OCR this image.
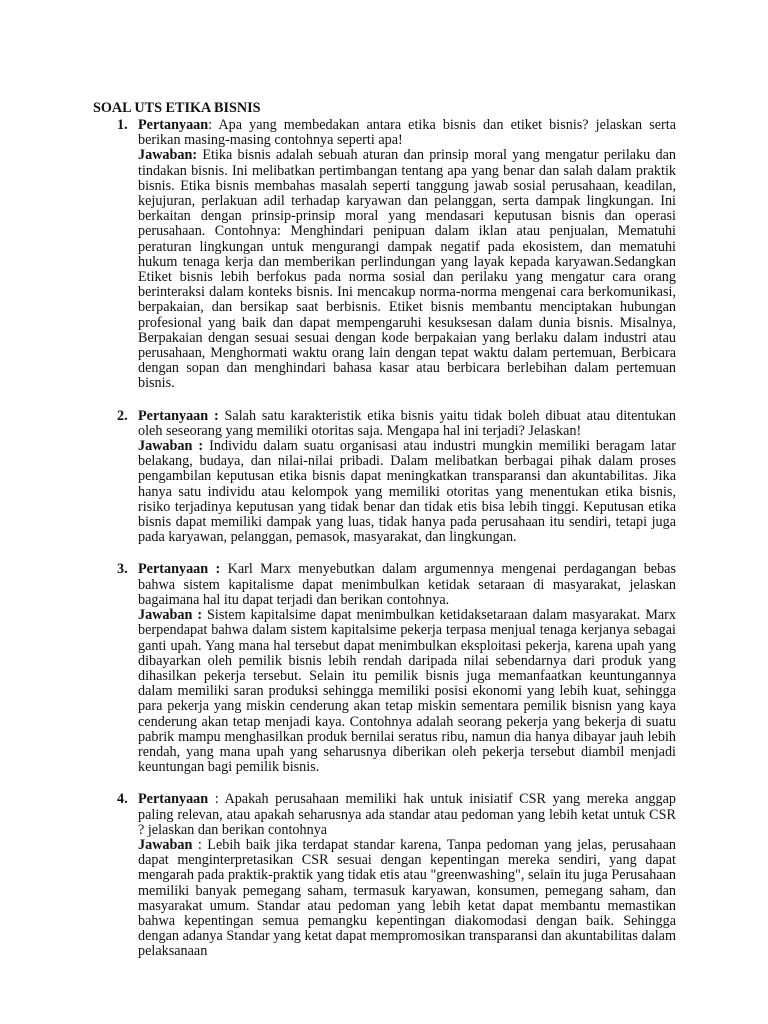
SOAL UTS ETIKA BISNIS
1. Pertanyaan: Apa yang membedakan antara etika bisnis dan etiket bisnis? jelaskan serta berikan masing-masing contohnya seperti apa!

Jawaban: Etika bisnis adalah sebuah aturan dan prinsip moral yang mengatur perilaku dan tindakan bisnis. Ini melibatkan pertimbangan tentang apa yang benar dan salah dalam praktik bisnis. Etika bisnis membahas masalah seperti tanggung jawab sosial perusahaan, keadilan, kejujuran, perlakuan adil terhadap karyawan dan pelanggan, serta dampak lingkungan. Ini berkaitan dengan prinsip-prinsip moral yang mendasari keputusan bisnis dan operasi perusahaan. Contohnya: Menghindari penipuan dalam iklan atau penjualan, Mematuhi peraturan lingkungan untuk mengurangi dampak negatif pada ekosistem, dan mematuhi hukum tenaga kerja dan memberikan perlindungan yang layak kepada karyawan.Sedangkan Etiket bisnis lebih berfokus pada norma sosial dan perilaku yang mengatur cara orang berinteraksi dalam konteks bisnis. Ini mencakup norma-norma mengenai cara berkomunikasi, berpakaian, dan bersikap saat berbisnis. Etiket bisnis membantu menciptakan hubungan profesional yang baik dan dapat mempengaruhi kesuksesan dalam dunia bisnis. Misalnya, Berpakaian dengan sesuai sesuai dengan kode berpakaian yang berlaku dalam industri atau perusahaan, Menghormati waktu orang lain dengan tepat waktu dalam pertemuan, Berbicara dengan sopan dan menghindari bahasa kasar atau berbicara berlebihan dalam pertemuan bisnis.

2. Pertanyaan : Salah satu karakteristik etika bisnis yaitu tidak boleh dibuat atau ditentukan oleh seseorang yang memiliki otoritas saja. Mengapa hal ini terjadi? Jelaskan!

Jawaban : Individu dalam suatu organisasi atau industri mungkin memiliki beragam latar belakang, budaya, dan nilai-nilai pribadi. Dalam melibatkan berbagai pihak dalam proses pengambilan keputusan etika bisnis dapat meningkatkan transparansi dan akuntabilitas. Jika hanya satu individu atau kelompok yang memiliki otoritas yang menentukan etika bisnis, risiko terjadinya keputusan yang tidak benar dan tidak etis bisa lebih tinggi. Keputusan etika bisnis dapat memiliki dampak yang luas, tidak hanya pada perusahaan itu sendiri, tetapi juga pada karyawan, pelanggan, pemasok, masyarakat, dan lingkungan.

3. Pertanyaan : Karl Marx menyebutkan dalam argumennya mengenai perdagangan bebas bahwa sistem kapitalisme dapat menimbulkan ketidak setaraan di masyarakat, jelaskan bagaimana hal itu dapat terjadi dan berikan contohnya.

Jawaban : Sistem kapitalsime dapat menimbulkan ketidaksetaraan dalam masyarakat. Marx berpendapat bahwa dalam sistem kapitalsime pekerja terpasa menjual tenaga kerjanya sebagai ganti upah. Yang mana hal tersebut dapat menimbulkan eksploitasi pekerja, karena upah yang dibayarkan oleh pemilik bisnis lebih rendah daripada nilai sebendarnya dari produk yang dihasilkan pekerja tersebut. Selain itu pemilik bisnis juga memanfaatkan keuntungannya dalam memiliki saran produksi sehingga memiliki posisi ekonomi yang lebih kuat, sehingga para pekerja yang miskin cenderung akan tetap miskin sementara pemilik bisnisn yang kaya cenderung akan tetap menjadi kaya. Contohnya adalah seorang pekerja yang bekerja di suatu pabrik mampu menghasilkan produk bernilai seratus ribu, namun dia hanya dibayar jauh lebih rendah, yang mana upah yang seharusnya diberikan oleh pekerja tersebut diambil menjadi keuntungan bagi pemilik bisnis.

4. Pertanyaan : Apakah perusahaan memiliki hak untuk inisiatif CSR yang mereka anggap paling relevan, atau apakah seharusnya ada standar atau pedoman yang lebih ketat untuk CSR ? jelaskan dan berikan contohnya

Jawaban : Lebih baik jika terdapat standar karena, Tanpa pedoman yang jelas, perusahaan dapat menginterpretasikan CSR sesuai dengan kepentingan mereka sendiri, yang dapat mengarah pada praktik-praktik yang tidak etis atau "greenwashing", selain itu juga Perusahaan memiliki banyak pemegang saham, termasuk karyawan, konsumen, pemegang saham, dan masyarakat umum. Standar atau pedoman yang lebih ketat dapat membantu memastikan bahwa kepentingan semua pemangku kepentingan diakomodasi dengan baik. Sehingga dengan adanya Standar yang ketat dapat mempromosikan transparansi dan akuntabilitas dalam pelaksanaan
